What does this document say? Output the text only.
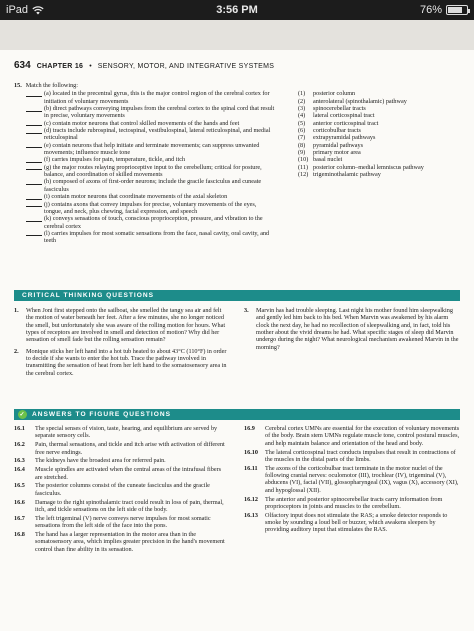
iPad	3:56 PM	76%
634 CHAPTER 16 • SENSORY, MOTOR, AND INTEGRATIVE SYSTEMS
15. Match the following:
(a) located in the precentral gyrus, this is the major control region of the cerebral cortex for initiation of voluntary movements
(b) direct pathways conveying impulses from the cerebral cortex to the spinal cord that result in precise, voluntary movements
(c) contain motor neurons that control skilled movements of the hands and feet
(d) tracts include rubrospinal, tectospinal, vestibulospinal, lateral reticulospinal, and medial reticulospinal
(e) contain neurons that help initiate and terminate movements; can suppress unwanted movements; influence muscle tone
(f) carries impulses for pain, temperature, tickle, and itch
(g) the major routes relaying proprioceptive input to the cerebellum; critical for posture, balance, and coordination of skilled movements
(h) composed of axons of first-order neurons; include the gracile fasciculus and cuneate fasciculus
(i) contain motor neurons that coordinate movements of the axial skeleton
(j) contains axons that convey impulses for precise, voluntary movements of the eyes, tongue, and neck, plus chewing, facial expression, and speech
(k) conveys sensations of touch, conscious proprioception, pressure, and vibration to the cerebral cortex
(l) carries impulses for most somatic sensations from the face, nasal cavity, oral cavity, and teeth
(1)	posterior column
(2)	anterolateral (spinothalamic) pathway
(3)	spinocerebellar tracts
(4)	lateral corticospinal tract
(5)	anterior corticospinal tract
(6)	corticobulbar tracts
(7)	extrapyramidal pathways
(8)	pyramidal pathways
(9)	primary motor area
(10) basal nuclei
(11) posterior column–medial lemniscus pathway
(12) trigeminothalamic pathway
CRITICAL THINKING QUESTIONS
1.	When Joni first stepped onto the sailboat, she smelled the tangy sea air and felt the motion of water beneath her feet. After a few minutes, she no longer noticed the smell, but unfortunately she was aware of the rolling motion for hours. What types of receptors are involved in smell and detection of motion? Why did her sensation of smell fade but the rolling sensation remain?
2.	Monique sticks her left hand into a hot tub heated to about 43°C (110°F) in order to decide if she wants to enter the hot tub. Trace the pathway involved in transmitting the sensation of heat from her left hand to the somatosensory area in the cerebral cortex.
3.	Marvin has had trouble sleeping. Last night his mother found him sleepwalking and gently led him back to his bed. When Marvin was awakened by his alarm clock the next day, he had no recollection of sleepwalking and, in fact, told his mother about the vivid dreams he had. What specific stages of sleep did Marvin undergo during the night? What neurological mechanism awakened Marvin in the morning?
✓ ANSWERS TO FIGURE QUESTIONS
16.1	The special senses of vision, taste, hearing, and equilibrium are served by separate sensory cells.
16.2	Pain, thermal sensations, and tickle and itch arise with activation of different free nerve endings.
16.3	The kidneys have the broadest area for referred pain.
16.4	Muscle spindles are activated when the central areas of the intrafusal fibers are stretched.
16.5	The posterior columns consist of the cuneate fasciculus and the gracile fasciculus.
16.6	Damage to the right spinothalamic tract could result in loss of pain, thermal, itch, and tickle sensations on the left side of the body.
16.7	The left trigeminal (V) nerve conveys nerve impulses for most somatic sensations from the left side of the face into the pons.
16.8	The hand has a larger representation in the motor area than in the somatosensory area, which implies greater precision in the hand's movement control than fine ability in its sensation.
16.9	Cerebral cortex UMNs are essential for the execution of voluntary movements of the body. Brain stem UMNs regulate muscle tone, control postural muscles, and help maintain balance and orientation of the head and body.
16.10	The lateral corticospinal tract conducts impulses that result in contractions of the muscles in the distal parts of the limbs.
16.11	The axons of the corticobulbar tract terminate in the motor nuclei of the following cranial nerves: oculomotor (III), trochlear (IV), trigeminal (V), abducens (VI), facial (VII), glossopharyngeal (IX), vagus (X), accessory (XI), and hypoglossal (XII).
16.12	The anterior and posterior spinocerebellar tracts carry information from proprioceptors in joints and muscles to the cerebellum.
16.13	Olfactory input does not stimulate the RAS; a smoke detector responds to smoke by sounding a loud bell or buzzer, which awakens sleepers by providing auditory input that stimulates the RAS.
